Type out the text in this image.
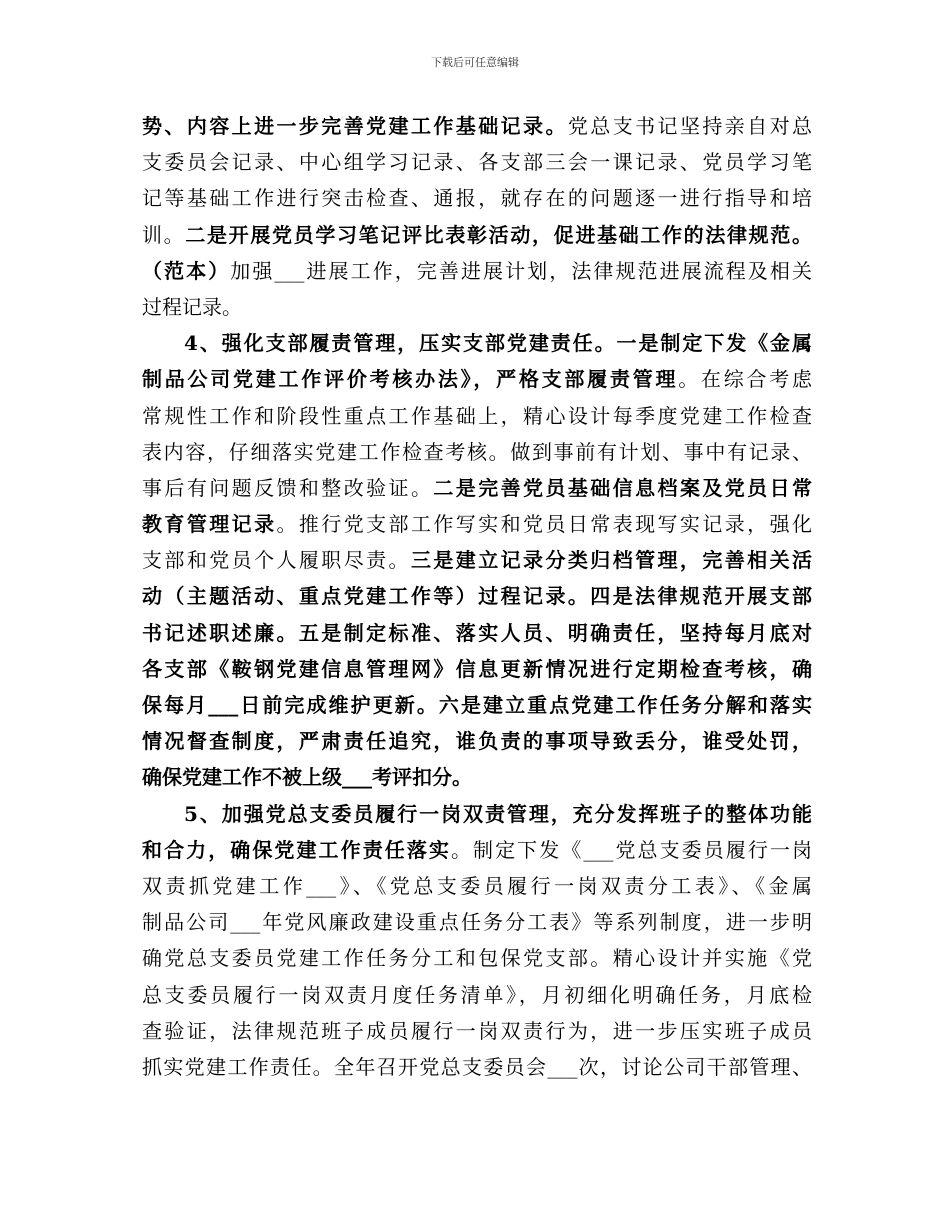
下载后可任意编辑
势、内容上进一步完善党建工作基础记录。党总支书记坚持亲自对总
支委员会记录、中心组学习记录、各支部三会一课记录、党员学习笔
记等基础工作进行突击检查、通报，就存在的问题逐一进行指导和培
训。二是开展党员学习笔记评比表彰活动，促进基础工作的法律规范。
（范本）加强___进展工作，完善进展计划，法律规范进展流程及相关
过程记录。
4、强化支部履责管理，压实支部党建责任。一是制定下发《金属
制品公司党建工作评价考核办法》，严格支部履责管理。在综合考虑
常规性工作和阶段性重点工作基础上，精心设计每季度党建工作检查
表内容，仔细落实党建工作检查考核。做到事前有计划、事中有记录、
事后有问题反馈和整改验证。二是完善党员基础信息档案及党员日常
教育管理记录。推行党支部工作写实和党员日常表现写实记录，强化
支部和党员个人履职尽责。三是建立记录分类归档管理，完善相关活
动（主题活动、重点党建工作等）过程记录。四是法律规范开展支部
书记述职述廉。五是制定标准、落实人员、明确责任，坚持每月底对
各支部《鞍钢党建信息管理网》信息更新情况进行定期检查考核，确
保每月___日前完成维护更新。六是建立重点党建工作任务分解和落实
情况督查制度，严肃责任追究，谁负责的事项导致丢分，谁受处罚，
确保党建工作不被上级___考评扣分。
5、加强党总支委员履行一岗双责管理，充分发挥班子的整体功能
和合力，确保党建工作责任落实。制定下发《___党总支委员履行一岗
双责抓党建工作___》、《党总支委员履行一岗双责分工表》、《金属
制品公司___年党风廉政建设重点任务分工表》等系列制度，进一步明
确党总支委员党建工作任务分工和包保党支部。精心设计并实施《党
总支委员履行一岗双责月度任务清单》，月初细化明确任务，月底检
查验证，法律规范班子成员履行一岗双责行为，进一步压实班子成员
抓实党建工作责任。全年召开党总支委员会___次，讨论公司干部管理、
